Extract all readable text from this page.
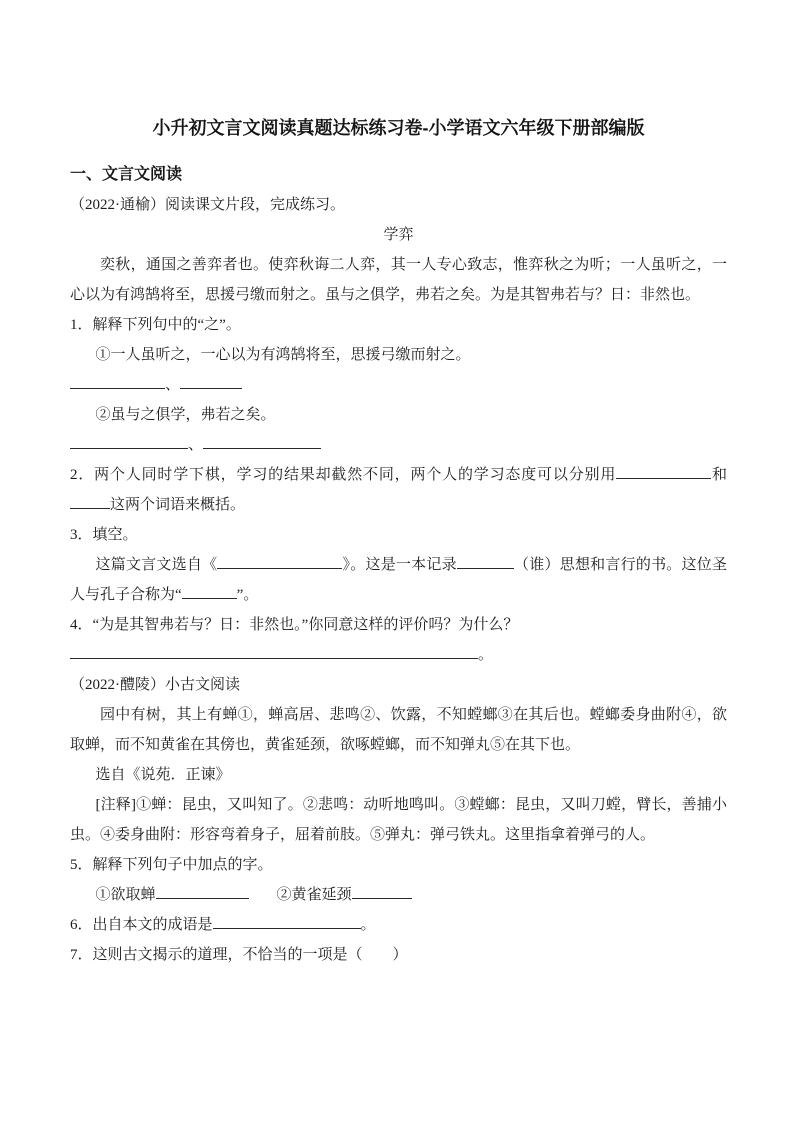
小升初文言文阅读真题达标练习卷-小学语文六年级下册部编版
一、文言文阅读

（2022·通榆）阅读课文片段，完成练习。

学弈

奕秋，通国之善弈者也。使弈秋诲二人弈，其一人专心致志，惟弈秋之为听；一人虽听之，一心以为有鸿鹄将至，思援弓缴而射之。虽与之俱学，弗若之矣。为是其智弗若与？日：非然也。

1．解释下列句中的“之”。

①一人虽听之，一心以为有鸿鹄将至，思援弓缴而射之。

、

②虽与之俱学，弗若之矣。

、

2．两个人同时学下棋，学习的结果却截然不同，两个人的学习态度可以分别用	和这两个词语来概括。

3．填空。

这篇文言文选自《	》。这是一本记录	（谁）思想和言行的书。这位圣人与孔子合称为“	”。

4．“为是其智弗若与？日：非然也。”你同意这样的评价吗？为什么？

。

（2022·醴陵）小古文阅读

园中有树，其上有蝉①，蝉高居、悲鸣②、饮露，不知螳螂③在其后也。螳螂委身曲附④，欲取蝉，而不知黄雀在其傍也，黄雀延颈，欲啄螳螂，而不知弹丸⑤在其下也。

选自《说苑．正谏》

[注释]①蝉：昆虫，又叫知了。②悲鸣：动听地鸣叫。③螳螂：昆虫，又叫刀螳，臂长，善捕小虫。④委身曲附：形容弯着身子，屈着前肢。⑤弹丸：弹弓铁丸。这里指拿着弹弓的人。

5．解释下列句子中加点的字。

①欲取蝉	②黄雀延颈

6．出自本文的成语是	。

7．这则古文揭示的道理，不恰当的一项是（　　）
